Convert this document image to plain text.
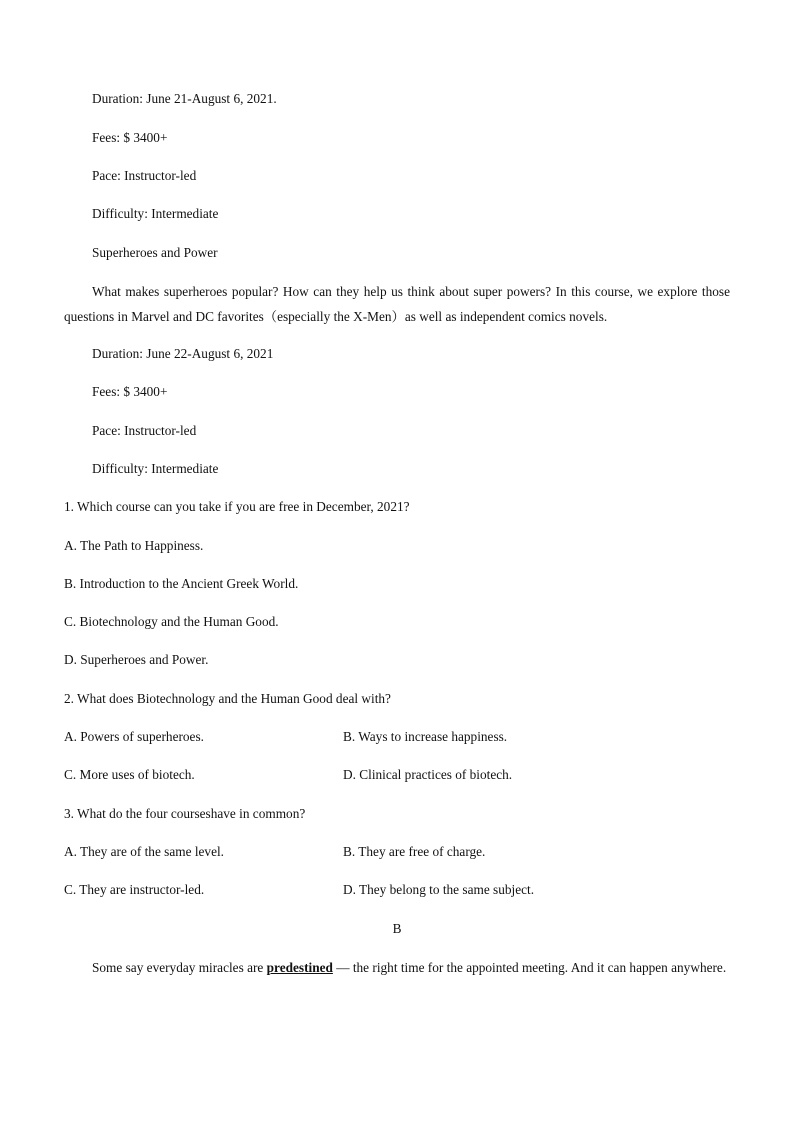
Duration: June 21-August 6, 2021.
Fees: $ 3400+
Pace: Instructor-led
Difficulty: Intermediate
Superheroes and Power
What makes superheroes popular? How can they help us think about super powers? In this course, we explore those questions in Marvel and DC favorites（especially the X-Men）as well as independent comics novels.
Duration: June 22-August 6, 2021
Fees: $ 3400+
Pace: Instructor-led
Difficulty: Intermediate
1. Which course can you take if you are free in December, 2021?
A. The Path to Happiness.
B. Introduction to the Ancient Greek World.
C. Biotechnology and the Human Good.
D. Superheroes and Power.
2. What does Biotechnology and the Human Good deal with?
A. Powers of superheroes.	B. Ways to increase happiness.
C. More uses of biotech.	D. Clinical practices of biotech.
3. What do the four courseshave in common?
A. They are of the same level.	B. They are free of charge.
C. They are instructor-led.	D. They belong to the same subject.
B
Some say everyday miracles are predestined — the right time for the appointed meeting. And it can happen anywhere.
